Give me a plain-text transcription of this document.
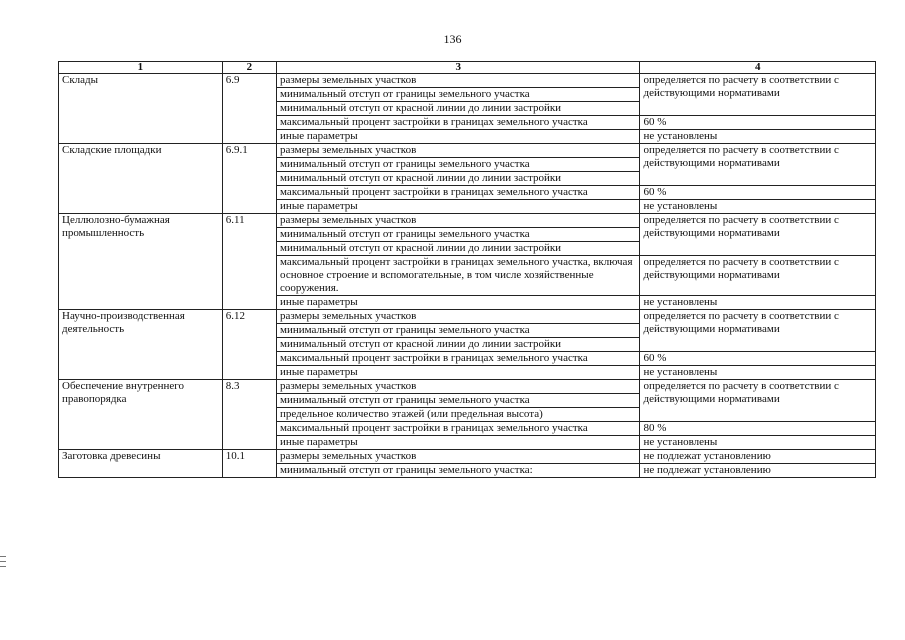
136
1	2	3	4
Склады	6.9	размеры земельных участков	определяется по расчету в соответствии с действующими нормативами
		минимальный отступ от границы земельного участка	
		минимальный отступ от красной линии до линии застройки	
		максимальный процент застройки в границах земельного участка	60 %
		иные параметры	не установлены
Складские площадки	6.9.1	размеры земельных участков	определяется по расчету в соответствии с действующими нормативами
		минимальный отступ от границы земельного участка	
		минимальный отступ от красной линии до линии застройки	
		максимальный процент застройки в границах земельного участка	60 %
		иные параметры	не установлены
Целлюлозно-бумажная промышленность	6.11	размеры земельных участков	определяется по расчету в соответствии с действующими нормативами
		минимальный отступ от границы земельного участка	
		минимальный отступ от красной линии до линии застройки	
		максимальный процент застройки в границах земельного участка, включая основное строение и вспомогательные, в том числе хозяйственные сооружения.	определяется по расчету в соответствии с действующими нормативами
		иные параметры	не установлены
Научно-производственная деятельность	6.12	размеры земельных участков	определяется по расчету в соответствии с действующими нормативами
		минимальный отступ от границы земельного участка	
		минимальный отступ от красной линии до линии застройки	
		максимальный процент застройки в границах земельного участка	60 %
		иные параметры	не установлены
Обеспечение внутреннего правопорядка	8.3	размеры земельных участков	определяется по расчету в соответствии с действующими нормативами
		минимальный отступ от границы земельного участка	
		предельное количество этажей (или предельная высота)	
		максимальный процент застройки в границах земельного участка	80 %
		иные параметры	не установлены
Заготовка древесины	10.1	размеры земельных участков	не подлежат установлению
		минимальный отступ от границы земельного участка:	не подлежат установлению
